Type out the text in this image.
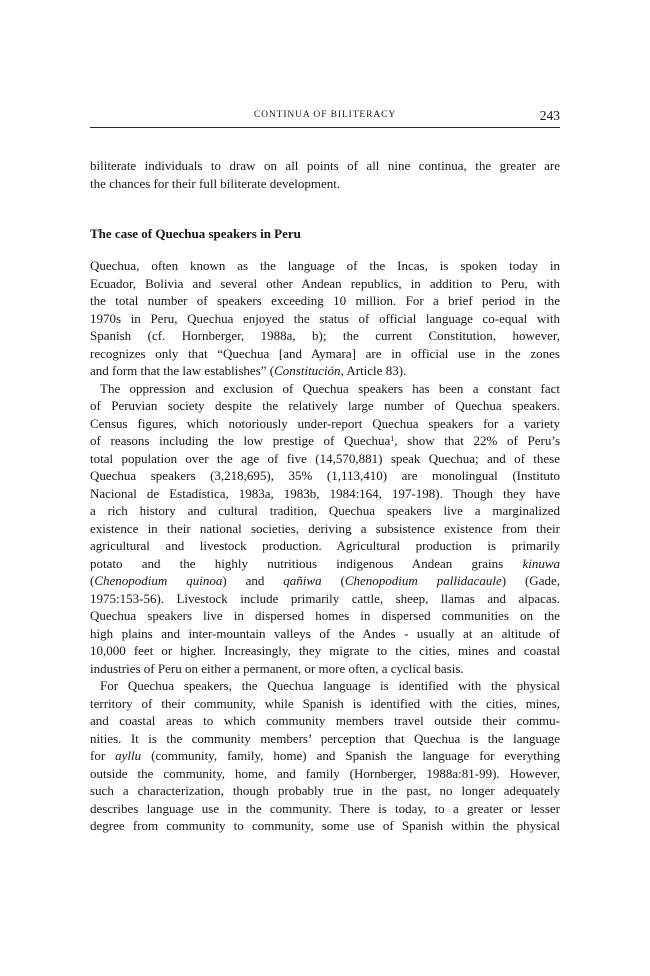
CONTINUA OF BILITERACY	243
biliterate individuals to draw on all points of all nine continua, the greater are
the chances for their full biliterate development.
The case of Quechua speakers in Peru
Quechua, often known as the language of the Incas, is spoken today in
Ecuador, Bolivia and several other Andean republics, in addition to Peru, with
the total number of speakers exceeding 10 million. For a brief period in the
1970s in Peru, Quechua enjoyed the status of official language co-equal with
Spanish (cf. Hornberger, 1988a, b); the current Constitution, however,
recognizes only that “Quechua [and Aymara] are in official use in the zones
and form that the law establishes” (Constitución, Article 83).
The oppression and exclusion of Quechua speakers has been a constant fact
of Peruvian society despite the relatively large number of Quechua speakers.
Census figures, which notoriously under-report Quechua speakers for a variety
of reasons including the low prestige of Quechua$^1$, show that 22% of Peru’s
total population over the age of five (14,570,881) speak Quechua; and of these
Quechua speakers (3,218,695), 35% (1,113,410) are monolingual (Instituto
Nacional de Estadística, 1983a, 1983b, 1984:164, 197-198). Though they have
a rich history and cultural tradition, Quechua speakers live a marginalized
existence in their national societies, deriving a subsistence existence from their
agricultural and livestock production. Agricultural production is primarily
potato and the highly nutritious indigenous Andean grains kinuwa
(Chenopodium quinoa) and qañiwa (Chenopodium pallidacaule) (Gade,
1975:153-56). Livestock include primarily cattle, sheep, llamas and alpacas.
Quechua speakers live in dispersed homes in dispersed communities on the
high plains and inter-mountain valleys of the Andes - usually at an altitude of
10,000 feet or higher. Increasingly, they migrate to the cities, mines and coastal
industries of Peru on either a permanent, or more often, a cyclical basis.
For Quechua speakers, the Quechua language is identified with the physical
territory of their community, while Spanish is identified with the cities, mines,
and coastal areas to which community members travel outside their commu-
nities. It is the community members’ perception that Quechua is the language
for ayllu (community, family, home) and Spanish the language for everything
outside the community, home, and family (Hornberger, 1988a:81-99). However,
such a characterization, though probably true in the past, no longer adequately
describes language use in the community. There is today, to a greater or lesser
degree from community to community, some use of Spanish within the physical
